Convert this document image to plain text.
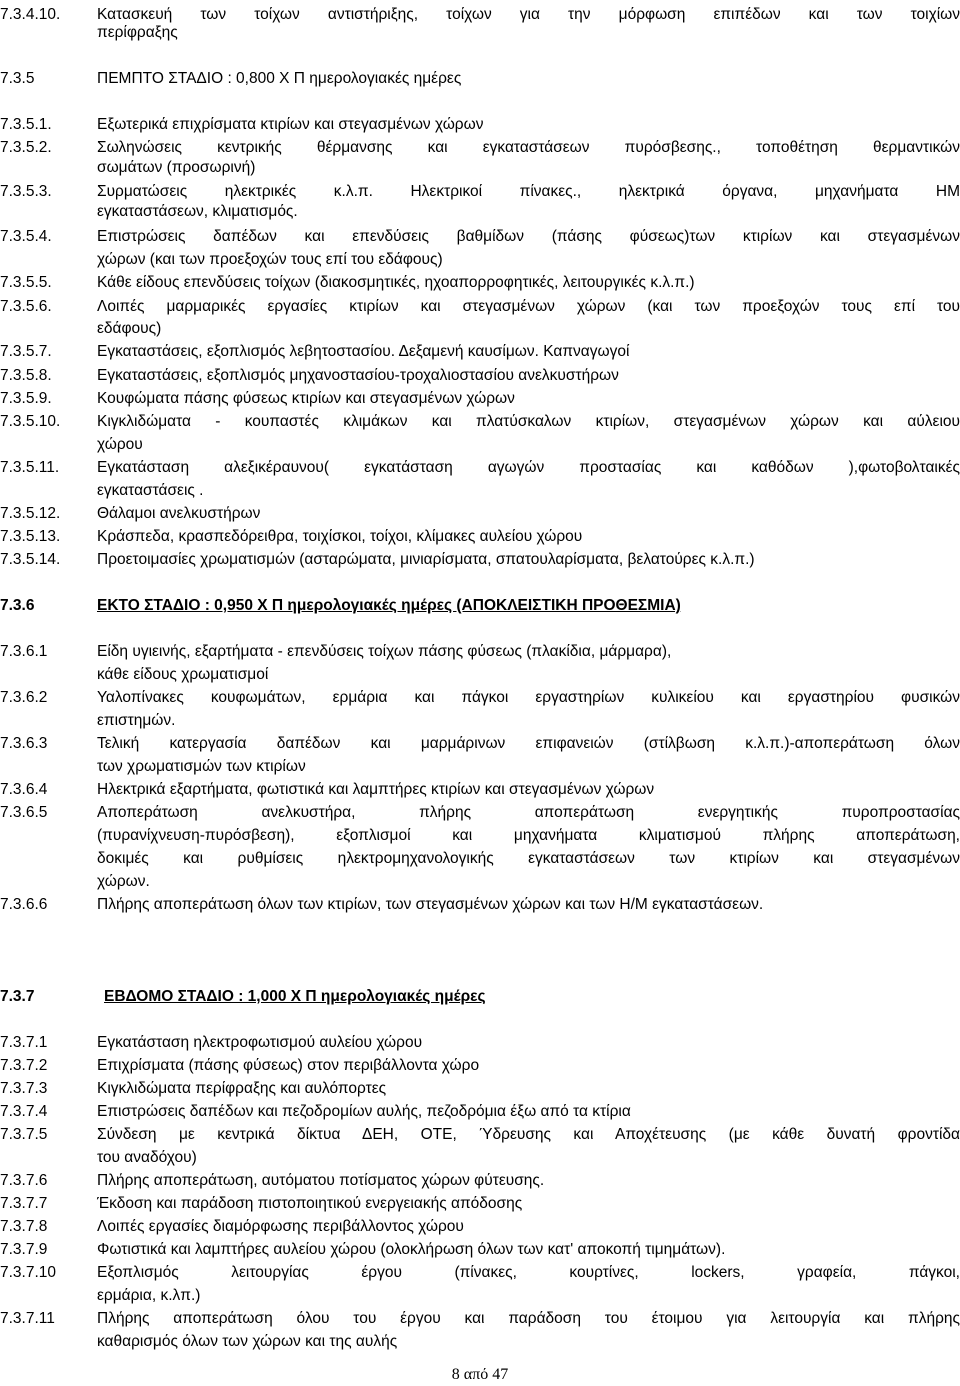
7.3.4.10.	Κατασκευή των τοίχων αντιστήριξης, τοίχων για την μόρφωση επιπέδων και των τοιχίων
περίφραξης
7.3.5	ΠΕΜΠΤΟ ΣΤΑΔΙΟ : 0,800 Χ Π ημερολογιακές ημέρες
7.3.5.1.	Εξωτερικά επιχρίσματα κτιρίων και στεγασμένων χώρων
7.3.5.2.	Σωληνώσεις κεντρικής θέρμανσης και εγκαταστάσεων πυρόσβεσης., τοποθέτηση θερμαντικών
σωμάτων (προσωρινή)
7.3.5.3.	Συρματώσεις ηλεκτρικές κ.λ.π. Ηλεκτρικοί πίνακες., ηλεκτρικά όργανα, μηχανήματα ΗΜ
εγκαταστάσεων, κλιματισμός.
7.3.5.4.	Επιστρώσεις δαπέδων και επενδύσεις βαθμίδων (πάσης φύσεως)των κτιρίων και στεγασμένων
χώρων (και των προεξοχών τους επί του εδάφους)
7.3.5.5.	Κάθε είδους επενδύσεις τοίχων (διακοσμητικές, ηχοαπορροφητικές, λειτουργικές κ.λ.π.)
7.3.5.6.	Λοιπές μαρμαρικές εργασίες κτιρίων και στεγασμένων χώρων (και των προεξοχών τους επί του
εδάφους)
7.3.5.7.	Εγκαταστάσεις, εξοπλισμός λεβητοστασίου. Δεξαμενή καυσίμων. Καπναγωγοί
7.3.5.8.	Εγκαταστάσεις, εξοπλισμός μηχανοστασίου-τροχαλιοστασίου ανελκυστήρων
7.3.5.9.	Κουφώματα πάσης φύσεως κτιρίων και στεγασμένων χώρων
7.3.5.10.	Κιγκλιδώματα - κουπαστές κλιμάκων και πλατύσκαλων κτιρίων, στεγασμένων χώρων και αύλειου
χώρου
7.3.5.11.	Εγκατάσταση αλεξικέραυνου( εγκατάσταση αγωγών προστασίας και καθόδων ),φωτοβολταικές
εγκαταστάσεις .
7.3.5.12.	Θάλαμοι ανελκυστήρων
7.3.5.13.	Κράσπεδα, κρασπεδόρειθρα, τοιχίσκοι, τοίχοι, κλίμακες αυλείου χώρου
7.3.5.14.	Προετοιμασίες χρωματισμών (ασταρώματα, μινιαρίσματα, σπατουλαρίσματα, βελατούρες κ.λ.π.)
7.3.6	ΕΚΤΟ ΣΤΑΔΙΟ : 0,950 Χ Π ημερολογιακές ημέρες (ΑΠΟΚΛΕΙΣΤΙΚΗ ΠΡΟΘΕΣΜΙΑ)
7.3.6.1	Είδη υγιεινής, εξαρτήματα - επενδύσεις τοίχων πάσης φύσεως (πλακίδια, μάρμαρα),
κάθε είδους χρωματισμοί
7.3.6.2	Υαλοπίνακες κουφωμάτων, ερμάρια και πάγκοι εργαστηρίων κυλικείου και εργαστηρίου φυσικών
επιστημών.
7.3.6.3	Τελική κατεργασία δαπέδων και μαρμάρινων επιφανειών (στίλβωση κ.λ.π.)-αποπεράτωση όλων
των χρωματισμών των κτιρίων
7.3.6.4	Ηλεκτρικά εξαρτήματα, φωτιστικά και λαμπτήρες κτιρίων και στεγασμένων χώρων
7.3.6.5	Αποπεράτωση ανελκυστήρα, πλήρης αποπεράτωση ενεργητικής πυροπροστασίας
(πυρανίχνευση-πυρόσβεση), εξοπλισμοί και μηχανήματα κλιματισμού πλήρης αποπεράτωση,
δοκιμές και ρυθμίσεις ηλεκτρομηχανολογικής εγκαταστάσεων των κτιρίων και στεγασμένων
χώρων.
7.3.6.6	Πλήρης αποπεράτωση όλων των κτιρίων, των στεγασμένων χώρων και των Η/Μ εγκαταστάσεων.
7.3.7	ΕΒΔΟΜΟ ΣΤΑΔΙΟ : 1,000 Χ Π ημερολογιακές ημέρες
7.3.7.1	Εγκατάσταση ηλεκτροφωτισμού αυλείου χώρου
7.3.7.2	Επιχρίσματα (πάσης φύσεως) στον περιβάλλοντα χώρο
7.3.7.3	Κιγκλιδώματα περίφραξης και αυλόπορτες
7.3.7.4	Επιστρώσεις δαπέδων και πεζοδρομίων αυλής, πεζοδρόμια έξω από τα κτίρια
7.3.7.5	Σύνδεση με κεντρικά δίκτυα ΔΕΗ, ΟΤΕ, Ύδρευσης και Αποχέτευσης (με κάθε δυνατή φροντίδα
του αναδόχου)
7.3.7.6	Πλήρης αποπεράτωση, αυτόματου ποτίσματος χώρων φύτευσης.
7.3.7.7	Έκδοση και παράδοση πιστοποιητικού ενεργειακής απόδοσης
7.3.7.8	Λοιπές εργασίες διαμόρφωσης περιβάλλοντος χώρου
7.3.7.9	Φωτιστικά και λαμπτήρες αυλείου χώρου (ολοκλήρωση όλων των κατ' αποκοπή τιμημάτων).
7.3.7.10	Εξοπλισμός λειτουργίας έργου (πίνακες, κουρτίνες, lockers, γραφεία, πάγκοι,
ερμάρια, κ.λπ.)
7.3.7.11	Πλήρης αποπεράτωση όλου του έργου και παράδοση του έτοιμου για λειτουργία και πλήρης
καθαρισμός όλων των χώρων και της αυλής
8 από 47
